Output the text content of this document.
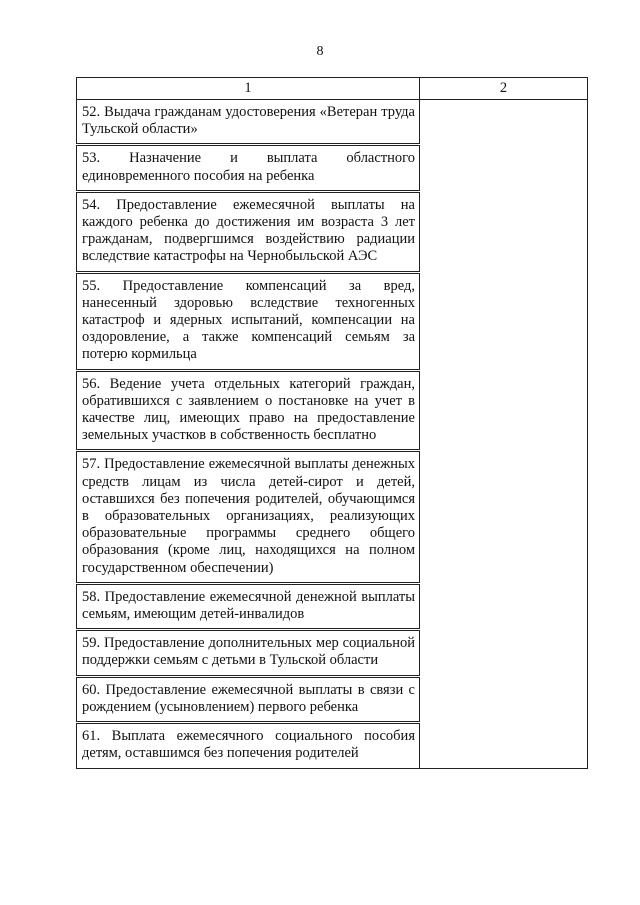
8
1	2
52. Выдача гражданам удостоверения «Ветеран труда Тульской области»	
53. Назначение и выплата областного единовременного пособия на ребенка	
54. Предоставление ежемесячной выплаты на каждого ребенка до достижения им возраста 3 лет гражданам, подвергшимся воздействию радиации вследствие катастрофы на Чернобыльской АЭС	
55. Предоставление компенсаций за вред, нанесенный здоровью вследствие техногенных катастроф и ядерных испытаний, компенсации на оздоровление, а также компенсаций семьям за потерю кормильца	
56. Ведение учета отдельных категорий граждан, обратившихся с заявлением о постановке на учет в качестве лиц, имеющих право на предоставление земельных участков в собственность бесплатно	
57. Предоставление ежемесячной выплаты денежных средств лицам из числа детей-сирот и детей, оставшихся без попечения родителей, обучающимся в образовательных организациях, реализующих образовательные программы среднего общего образования (кроме лиц, находящихся на полном государственном обеспечении)	
58. Предоставление ежемесячной денежной выплаты семьям, имеющим детей-инвалидов	
59. Предоставление дополнительных мер социальной поддержки семьям с детьми в Тульской области	
60. Предоставление ежемесячной выплаты в связи с рождением (усыновлением) первого ребенка	
61. Выплата ежемесячного социального пособия детям, оставшимся без попечения родителей	
